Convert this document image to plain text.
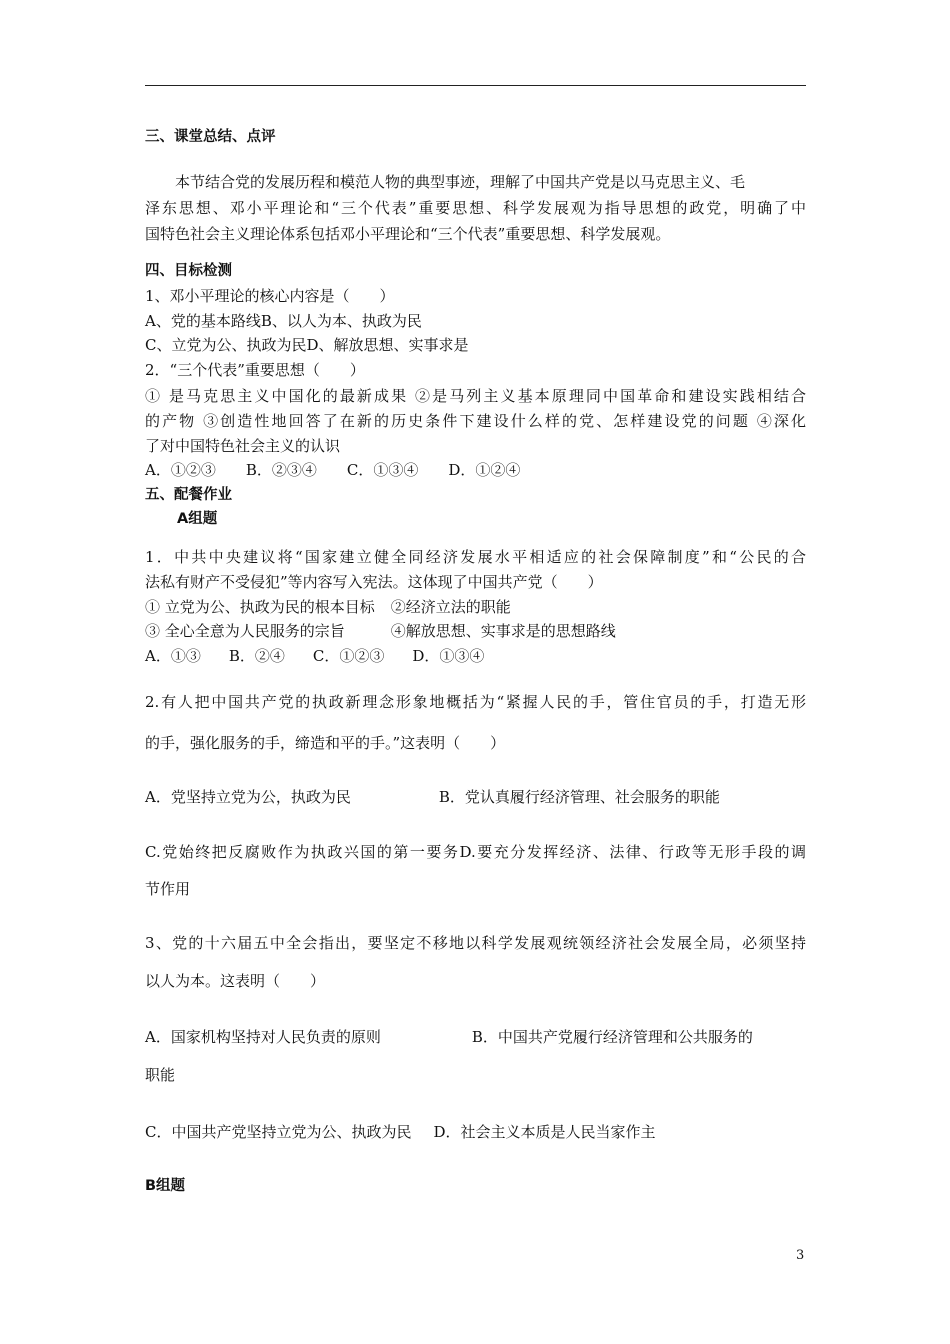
三、课堂总结、点评
本节结合党的发展历程和模范人物的典型事迹，理解了中国共产党是以马克思主义、毛
泽东思想、邓小平理论和“三个代表”重要思想、科学发展观为指导思想的政党，明确了中
国特色社会主义理论体系包括邓小平理论和“三个代表”重要思想、科学发展观。
四、目标检测
1、邓小平理论的核心内容是（　　）
A、党的基本路线B、以人为本、执政为民
C、立党为公、执政为民D、解放思想、实事求是
2．“三个代表”重要思想（　　）
① 是马克思主义中国化的最新成果 ②是马列主义基本原理同中国革命和建设实践相结合
的产物 ③创造性地回答了在新的历史条件下建设什么样的党、怎样建设党的问题 ④深化
了对中国特色社会主义的认识
A．①②③ B．②③④ C．①③④ D．①②④
五、配餐作业
A组题
1．中共中央建议将“国家建立健全同经济发展水平相适应的社会保障制度”和“公民的合
法私有财产不受侵犯”等内容写入宪法。这体现了中国共产党（　　）
① 立党为公、执政为民的根本目标 ②经济立法的职能
③ 全心全意为人民服务的宗旨	④解放思想、实事求是的思想路线
A．①③ B．②④ C．①②③ D．①③④
2.有人把中国共产党的执政新理念形象地概括为“紧握人民的手，管住官员的手，打造无形
的手，强化服务的手，缔造和平的手。”这表明（　　）
A．党坚持立党为公，执政为民	B．党认真履行经济管理、社会服务的职能
C.党始终把反腐败作为执政兴国的第一要务D.要充分发挥经济、法律、行政等无形手段的调
节作用
3、党的十六届五中全会指出，要坚定不移地以科学发展观统领经济社会发展全局，必须坚持
以人为本。这表明（　　）
A．国家机构坚持对人民负责的原则	B．中国共产党履行经济管理和公共服务的
职能
C．中国共产党坚持立党为公、执政为民 D．社会主义本质是人民当家作主
B组题
3
